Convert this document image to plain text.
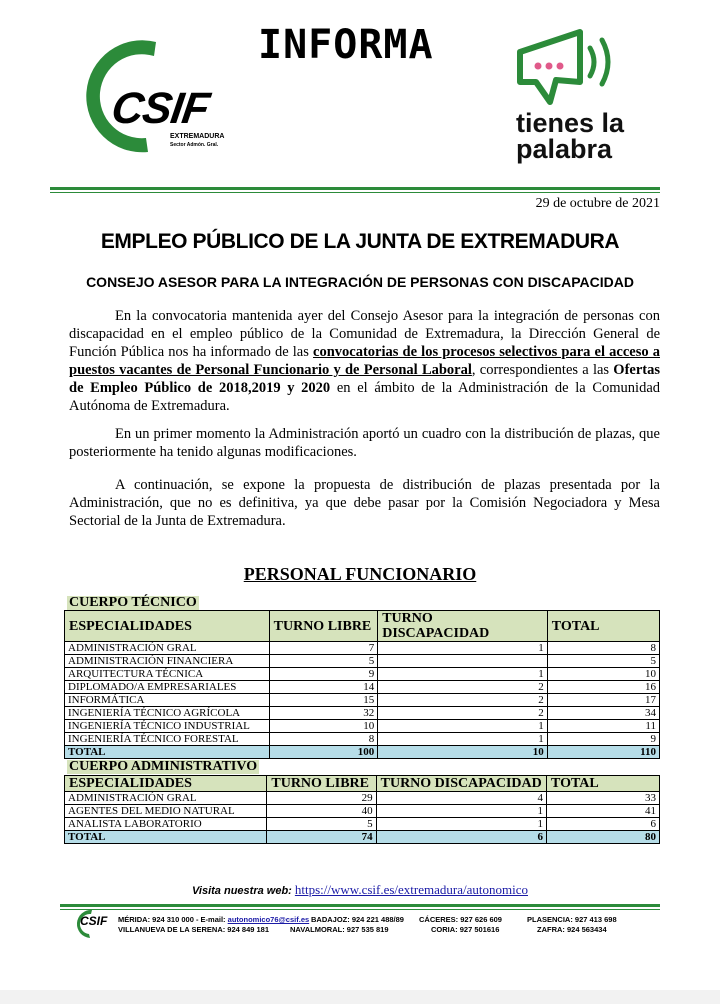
CSIF
EXTREMADURA
Sector Admón. Gral.
INFORMA
tienes la
palabra
29 de octubre de 2021
EMPLEO PÚBLICO DE LA JUNTA DE EXTREMADURA
CONSEJO ASESOR PARA LA INTEGRACIÓN DE PERSONAS CON DISCAPACIDAD
En la convocatoria mantenida ayer del Consejo Asesor para la integración de personas con discapacidad en el empleo público de la Comunidad de Extremadura, la Dirección General de Función Pública nos ha informado de las convocatorias de los procesos selectivos para el acceso a puestos vacantes de Personal Funcionario y de Personal Laboral, correspondientes a las Ofertas de Empleo Público de 2018,2019 y 2020 en el ámbito de la Administración de la Comunidad Autónoma de Extremadura.
En un primer momento la Administración aportó un cuadro con la distribución de plazas, que posteriormente ha tenido algunas modificaciones.
A continuación, se expone la propuesta de distribución de plazas presentada por la Administración, que no es definitiva, ya que debe pasar por la Comisión Negociadora y Mesa Sectorial de la Junta de Extremadura.
PERSONAL FUNCIONARIO
CUERPO TÉCNICO
ESPECIALIDADES	TURNO LIBRE	TURNO DISCAPACIDAD	TOTAL
ADMINISTRACIÓN GRAL	7	1	8
ADMINISTRACIÓN FINANCIERA	5		5
ARQUITECTURA TÉCNICA	9	1	10
DIPLOMADO/A EMPRESARIALES	14	2	16
INFORMÁTICA	15	2	17
INGENIERÍA TÉCNICO AGRÍCOLA	32	2	34
INGENIERÍA TÉCNICO INDUSTRIAL	10	1	11
INGENIERÍA TÉCNICO FORESTAL	8	1	9
TOTAL	100	10	110
CUERPO ADMINISTRATIVO
ESPECIALIDADES	TURNO LIBRE	TURNO DISCAPACIDAD	TOTAL
ADMINISTRACIÓN GRAL	29	4	33
AGENTES DEL MEDIO NATURAL	40	1	41
ANALISTA LABORATORIO	5	1	6
TOTAL	74	6	80
Visita nuestra web: https://www.csif.es/extremadura/autonomico
CSIF MÉRIDA: 924 310 000 - E-mail: autonomico76@csif.es BADAJOZ: 924 221 488/89 CÁCERES: 927 626 609	PLASENCIA: 927 413 698
VILLANUEVA DE LA SERENA: 924 849 181	NAVALMORAL: 927 535 819	CORIA: 927 501616	ZAFRA: 924 563434
